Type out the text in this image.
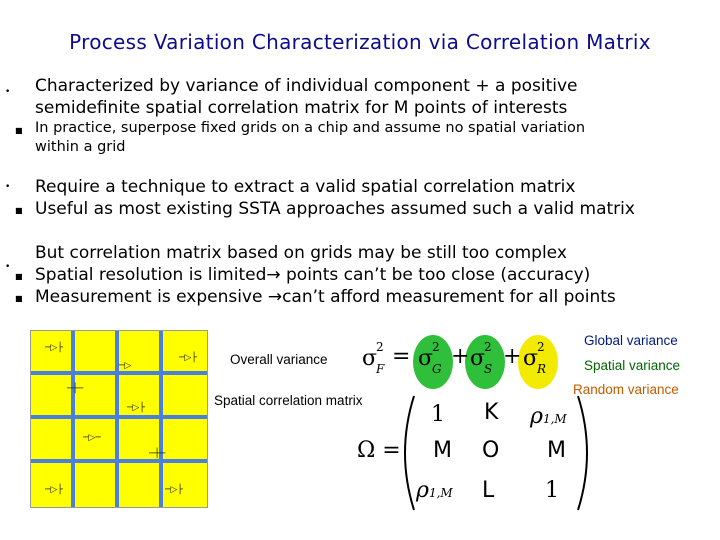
Process Variation Characterization via Correlation Matrix
• Characterized by variance of individual component + a positive
semidefinite spatial correlation matrix for M points of interests
■ In practice, superpose fixed grids on a chip and assume no spatial variation
within a grid
• Require a technique to extract a valid spatial correlation matrix
■ Useful as most existing SSTA approaches assumed such a valid matrix
•
But correlation matrix based on grids may be still too complex
■ Spatial resolution is limited→ points can’t be too close (accuracy)
■ Measurement is expensive →can’t afford measurement for all points
─▷├
─▷├
─▷
─┼─
─▷├
─▷─
─┼─
─▷├	─▷├
Overall variance
Spatial correlation matrix
Global variance
Spatial variance
Random variance
σ
2
F = σ
2
G + σ
2
S + σ
2
R
Ω =
1 K ρ1,M
M O M
ρ1,M L 1
